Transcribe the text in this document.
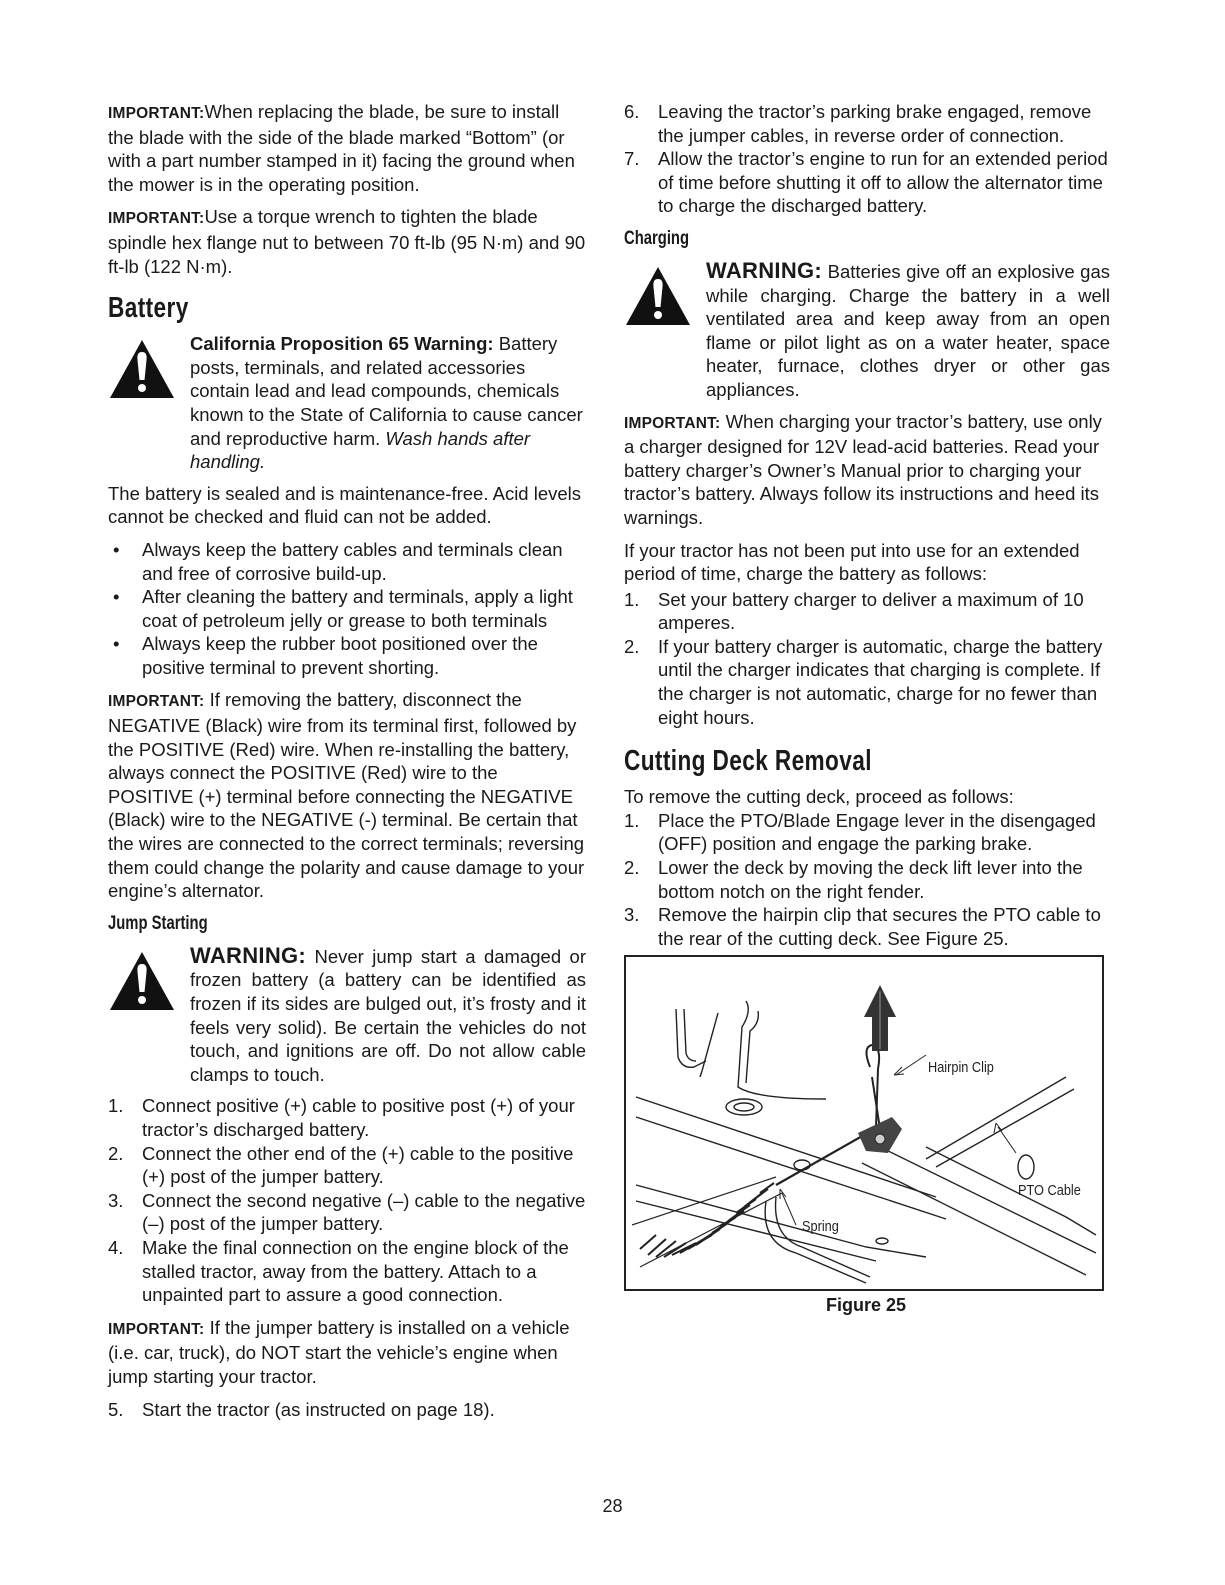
IMPORTANT:When replacing the blade, be sure to install the blade with the side of the blade marked “Bottom” (or with a part number stamped in it) facing the ground when the mower is in the operating position.

IMPORTANT:Use a torque wrench to tighten the blade spindle hex flange nut to between 70 ft-lb (95 N·m) and 90 ft-lb (122 N·m).

Battery
California Proposition 65 Warning: Battery posts, terminals, and related accessories contain lead and lead compounds, chemicals known to the State of California to cause cancer and reproductive harm. Wash hands after handling.

The battery is sealed and is maintenance-free. Acid levels cannot be checked and fluid can not be added.

• Always keep the battery cables and terminals clean and free of corrosive build-up.
• After cleaning the battery and terminals, apply a light coat of petroleum jelly or grease to both terminals
• Always keep the rubber boot positioned over the positive terminal to prevent shorting.

IMPORTANT: If removing the battery, disconnect the NEGATIVE (Black) wire from its terminal first, followed by the POSITIVE (Red) wire. When re-installing the battery, always connect the POSITIVE (Red) wire to the POSITIVE (+) terminal before connecting the NEGATIVE (Black) wire to the NEGATIVE (-) terminal. Be certain that the wires are connected to the correct terminals; reversing them could change the polarity and cause damage to your engine’s alternator.

Jump Starting
WARNING: Never jump start a damaged or frozen battery (a battery can be identified as frozen if its sides are bulged out, it’s frosty and it feels very solid). Be certain the vehicles do not touch, and ignitions are off. Do not allow cable clamps to touch.
1. Connect positive (+) cable to positive post (+) of your tractor’s discharged battery.
2. Connect the other end of the (+) cable to the positive (+) post of the jumper battery.
3. Connect the second negative (–) cable to the negative (–) post of the jumper battery.
4. Make the final connection on the engine block of the stalled tractor, away from the battery. Attach to a unpainted part to assure a good connection.

IMPORTANT: If the jumper battery is installed on a vehicle (i.e. car, truck), do NOT start the vehicle’s engine when jump starting your tractor.

5. Start the tractor (as instructed on page 18).
6. Leaving the tractor’s parking brake engaged, remove the jumper cables, in reverse order of connection.
7. Allow the tractor’s engine to run for an extended period of time before shutting it off to allow the alternator time to charge the discharged battery.
Charging
WARNING: Batteries give off an explosive gas while charging. Charge the battery in a well ventilated area and keep away from an open flame or pilot light as on a water heater, space heater, furnace, clothes dryer or other gas appliances.

IMPORTANT: When charging your tractor’s battery, use only a charger designed for 12V lead-acid batteries. Read your battery charger’s Owner’s Manual prior to charging your tractor’s battery. Always follow its instructions and heed its warnings.

If your tractor has not been put into use for an extended period of time, charge the battery as follows:

1. Set your battery charger to deliver a maximum of 10 amperes.
2. If your battery charger is automatic, charge the battery until the charger indicates that charging is complete. If the charger is not automatic, charge for no fewer than eight hours.
Cutting Deck Removal

To remove the cutting deck, proceed as follows:

1. Place the PTO/Blade Engage lever in the disengaged (OFF) position and engage the parking brake.
2. Lower the deck by moving the deck lift lever into the bottom notch on the right fender.
3. Remove the hairpin clip that secures the PTO cable to the rear of the cutting deck. See Figure 25.
Hairpin Clip
PTO Cable
Spring
Figure 25
28
